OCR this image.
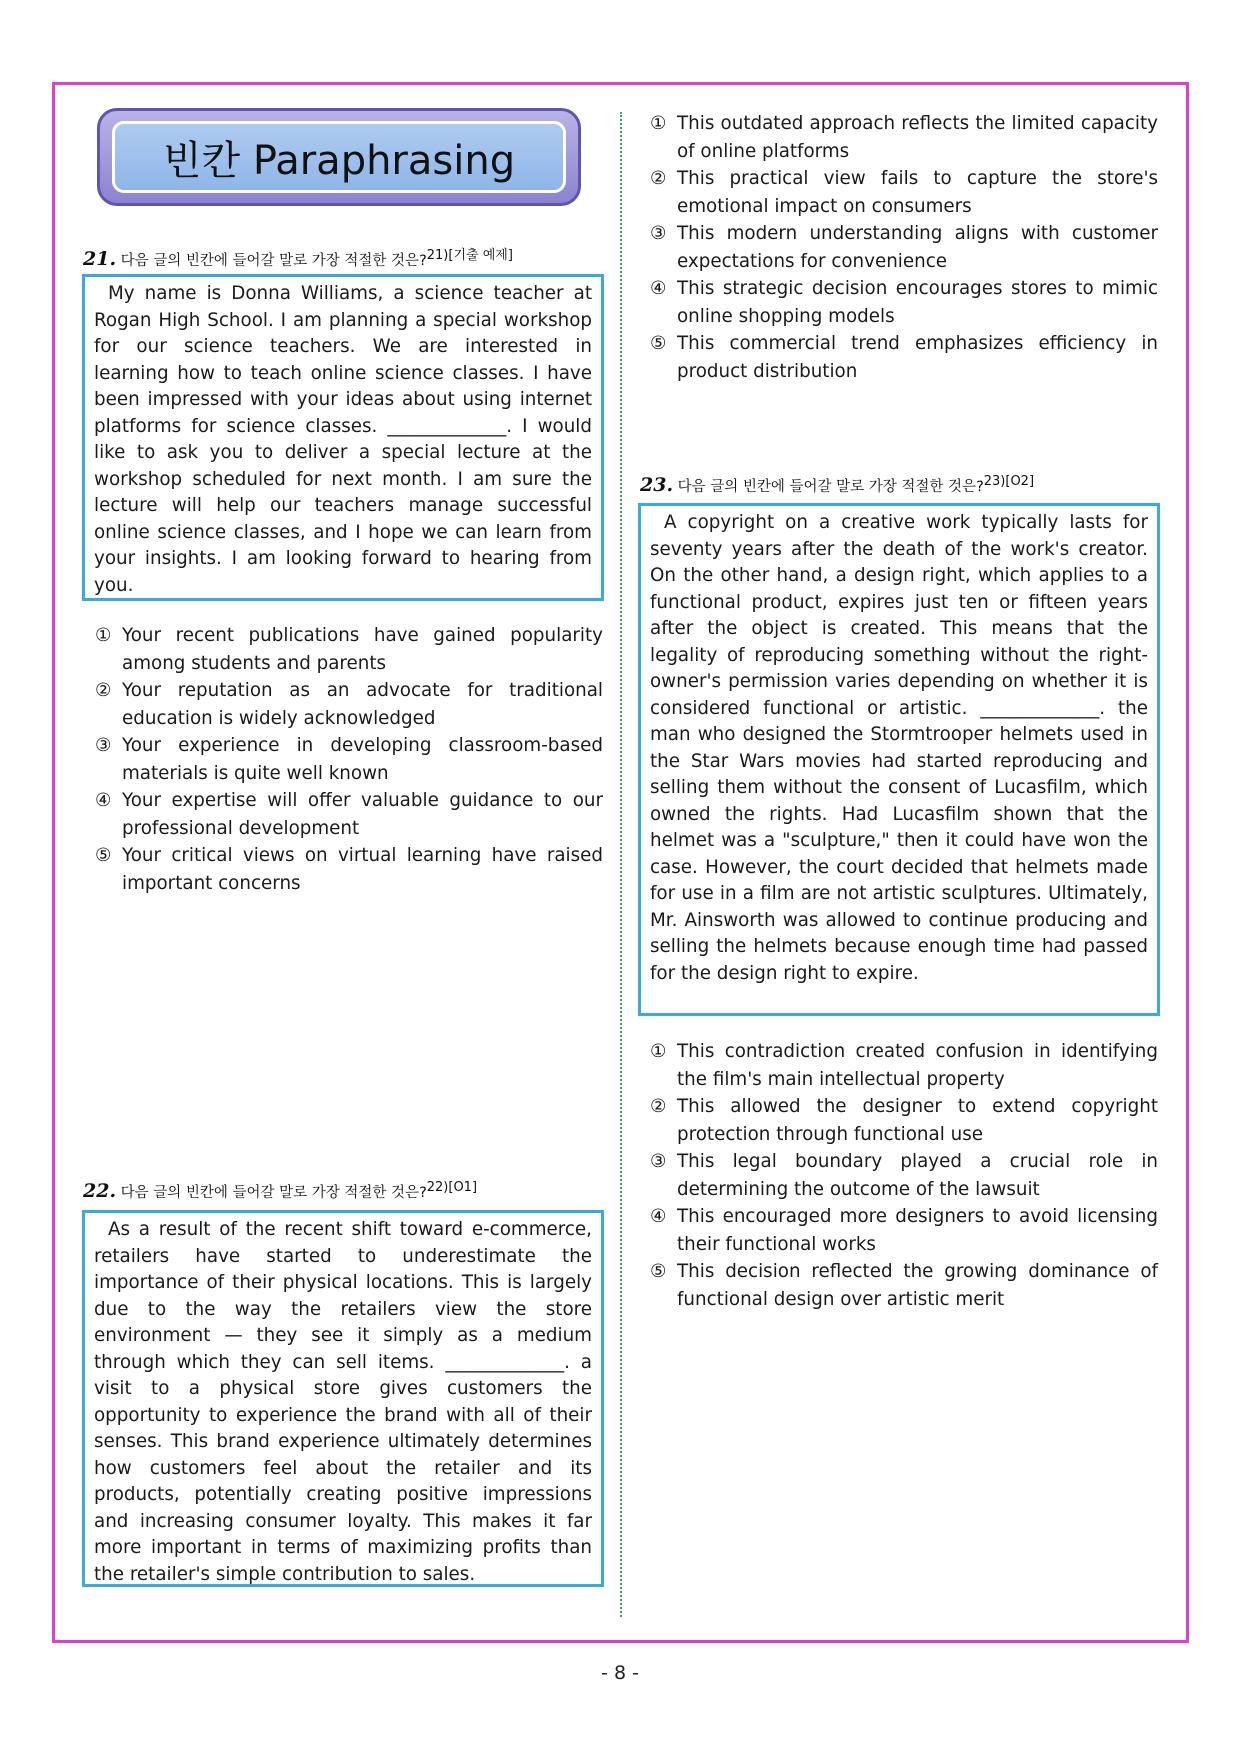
빈칸 Paraphrasing
21. 다음 글의 빈칸에 들어갈 말로 가장 적절한 것은?$^{21)[기출 예제]}$

My name is Donna Williams, a science teacher at Rogan High School. I am planning a special workshop for our science teachers. We are interested in learning how to teach online science classes. I have been impressed with your ideas about using internet platforms for science classes. _____________. I would like to ask you to deliver a special lecture at the workshop scheduled for next month. I am sure the lecture will help our teachers manage successful online science classes, and I hope we can learn from your insights. I am looking forward to hearing from you.

① Your recent publications have gained popularity among students and parents
② Your reputation as an advocate for traditional education is widely acknowledged
③ Your experience in developing classroom-based materials is quite well known
④ Your expertise will offer valuable guidance to our professional development
⑤ Your critical views on virtual learning have raised important concerns
22. 다음 글의 빈칸에 들어갈 말로 가장 적절한 것은?$^{22)[O1]}$

As a result of the recent shift toward e-commerce, retailers have started to underestimate the importance of their physical locations. This is largely due to the way the retailers view the store environment — they see it simply as a medium through which they can sell items. _____________. a visit to a physical store gives customers the opportunity to experience the brand with all of their senses. This brand experience ultimately determines how customers feel about the retailer and its products, potentially creating positive impressions and increasing consumer loyalty. This makes it far more important in terms of maximizing profits than the retailer's simple contribution to sales.

① This outdated approach reflects the limited capacity of online platforms
② This practical view fails to capture the store's emotional impact on consumers
③ This modern understanding aligns with customer expectations for convenience
④ This strategic decision encourages stores to mimic online shopping models
⑤ This commercial trend emphasizes efficiency in product distribution
23. 다음 글의 빈칸에 들어갈 말로 가장 적절한 것은?$^{23)[O2]}$

A copyright on a creative work typically lasts for seventy years after the death of the work's creator. On the other hand, a design right, which applies to a functional product, expires just ten or fifteen years after the object is created. This means that the legality of reproducing something without the right-owner's permission varies depending on whether it is considered functional or artistic. _____________. the man who designed the Stormtrooper helmets used in the Star Wars movies had started reproducing and selling them without the consent of Lucasfilm, which owned the rights. Had Lucasfilm shown that the helmet was a "sculpture," then it could have won the case. However, the court decided that helmets made for use in a film are not artistic sculptures. Ultimately, Mr. Ainsworth was allowed to continue producing and selling the helmets because enough time had passed for the design right to expire.

① This contradiction created confusion in identifying the film's main intellectual property
② This allowed the designer to extend copyright protection through functional use
③ This legal boundary played a crucial role in determining the outcome of the lawsuit
④ This encouraged more designers to avoid licensing their functional works
⑤ This decision reflected the growing dominance of functional design over artistic merit
- 8 -
